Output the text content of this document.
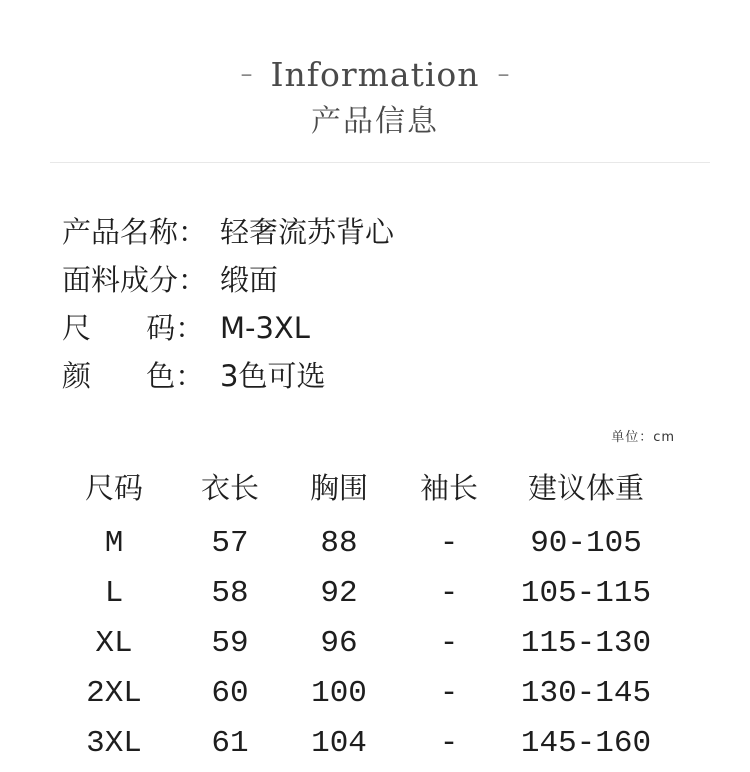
– Information –
产品信息
产品名称： 轻奢流苏背心
面料成分： 缎面
尺      码： M-3XL
颜      色： 3色可选
单位：cm
尺码	衣长	胸围	袖长	建议体重
M	57	88	-	90-105
L	58	92	-	105-115
XL	59	96	-	115-130
2XL	60	100	-	130-145
3XL	61	104	-	145-160
